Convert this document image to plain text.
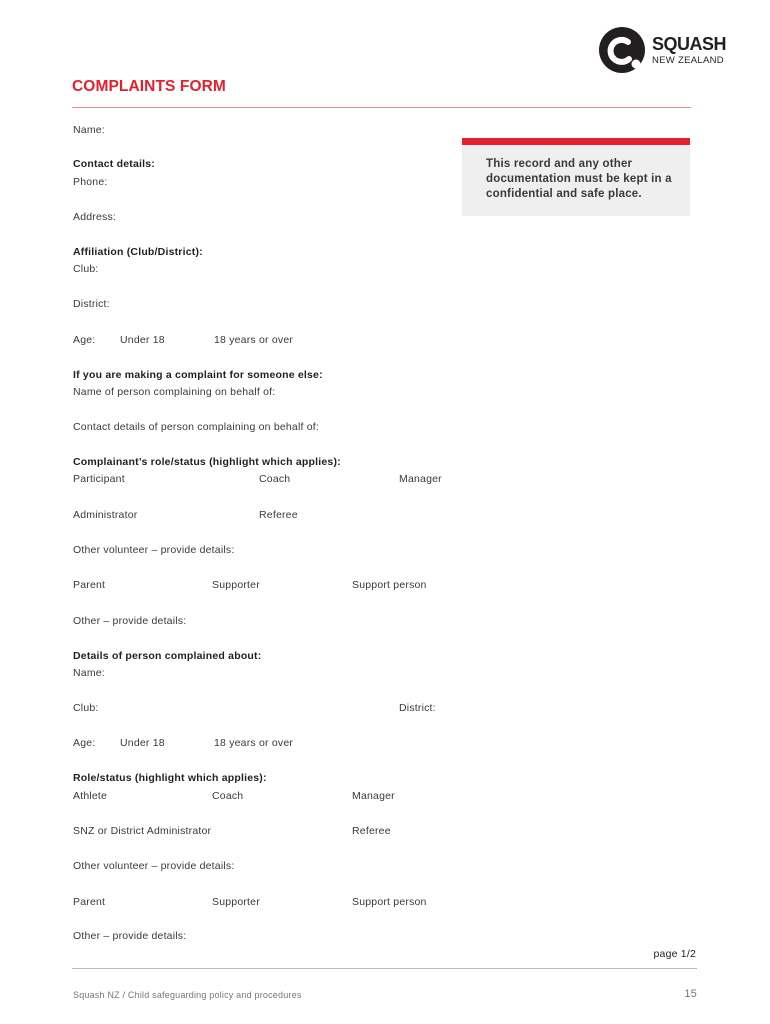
SQUASH
NEW ZEALAND
COMPLAINTS FORM
This record and any other documentation must be kept in a confidential and safe place.
Name:
Contact details:
Phone:
Address:
Affiliation (Club/District):
Club:
District:
Age: Under 18	18 years or over
If you are making a complaint for someone else:
Name of person complaining on behalf of:
Contact details of person complaining on behalf of:
Complainant’s role/status (highlight which applies):
Participant	Coach	Manager
Administrator	Referee
Other volunteer – provide details:
Parent	Supporter	Support person
Other – provide details:
Details of person complained about:
Name:
Club:	District:
Age: Under 18	18 years or over
Role/status (highlight which applies):
Athlete	Coach	Manager
SNZ or District Administrator	Referee
Other volunteer – provide details:
Parent	Supporter	Support person
Other – provide details:
page 1/2
Squash NZ / Child safeguarding policy and procedures	15
